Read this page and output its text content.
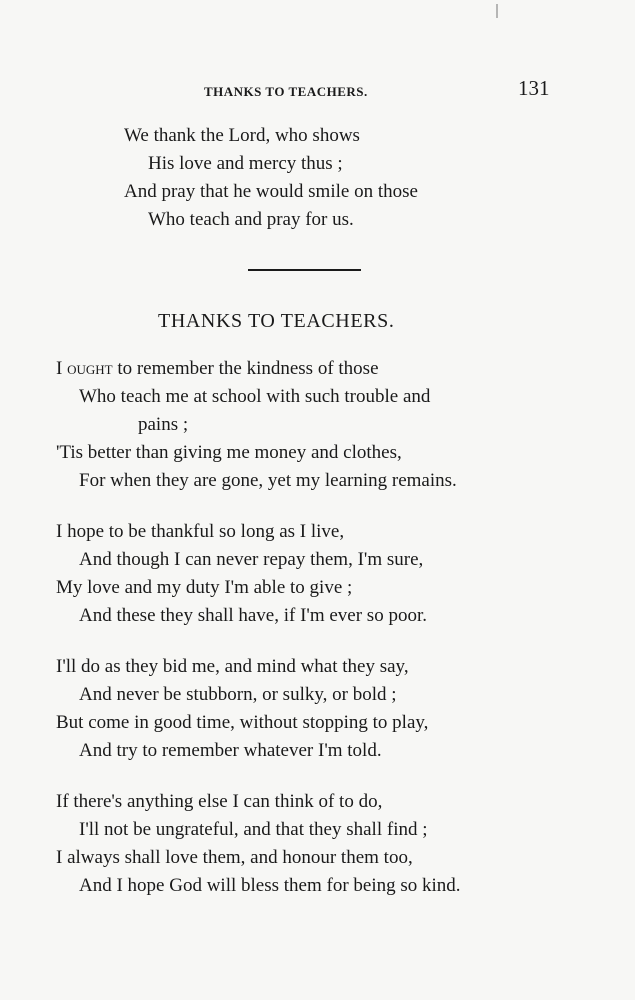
THANKS TO TEACHERS.	131
We thank the Lord, who shows
His love and mercy thus ;
And pray that he would smile on those
Who teach and pray for us.
THANKS TO TEACHERS.
I ought to remember the kindness of those
Who teach me at school with such trouble and
pains ;
'Tis better than giving me money and clothes,
For when they are gone, yet my learning remains.
I hope to be thankful so long as I live,
And though I can never repay them, I'm sure,
My love and my duty I'm able to give ;
And these they shall have, if I'm ever so poor.
I'll do as they bid me, and mind what they say,
And never be stubborn, or sulky, or bold ;
But come in good time, without stopping to play,
And try to remember whatever I'm told.
If there's anything else I can think of to do,
I'll not be ungrateful, and that they shall find ;
I always shall love them, and honour them too,
And I hope God will bless them for being so kind.
